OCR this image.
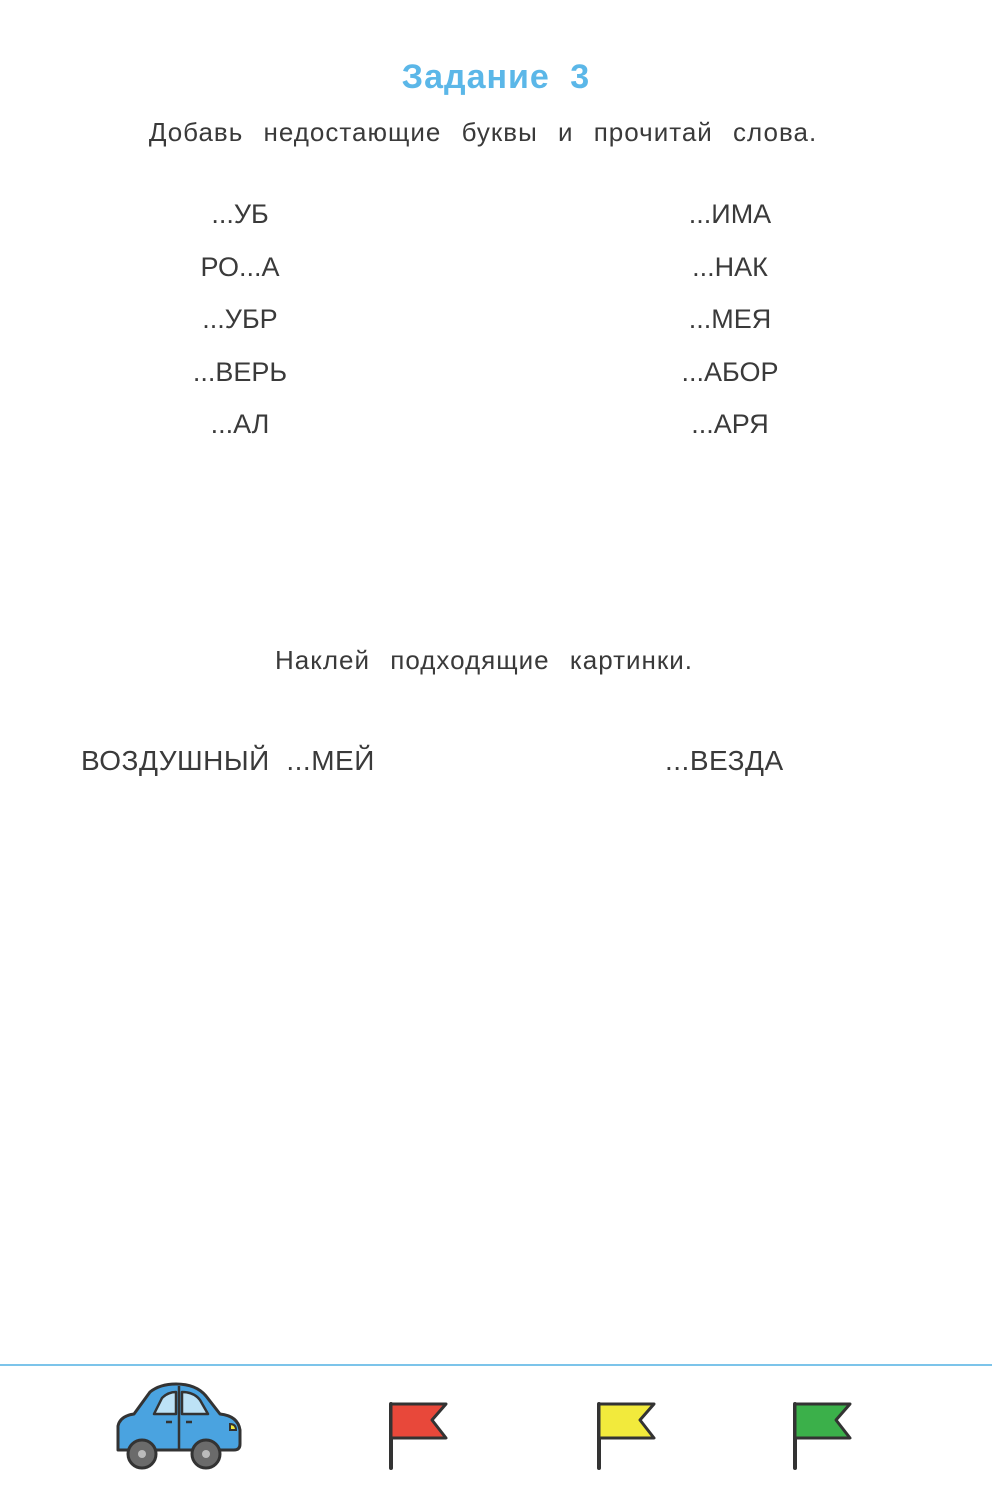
Задание 3
Добавь недостающие буквы и прочитай слова.
...УБ
РО...А
...УБР
...ВЕРЬ
...АЛ
...ИМА
...НАК
...МЕЯ
...АБОР
...АРЯ
Наклей подходящие картинки.
ВОЗДУШНЫЙ  ...МЕЙ	...ВЕЗДА
